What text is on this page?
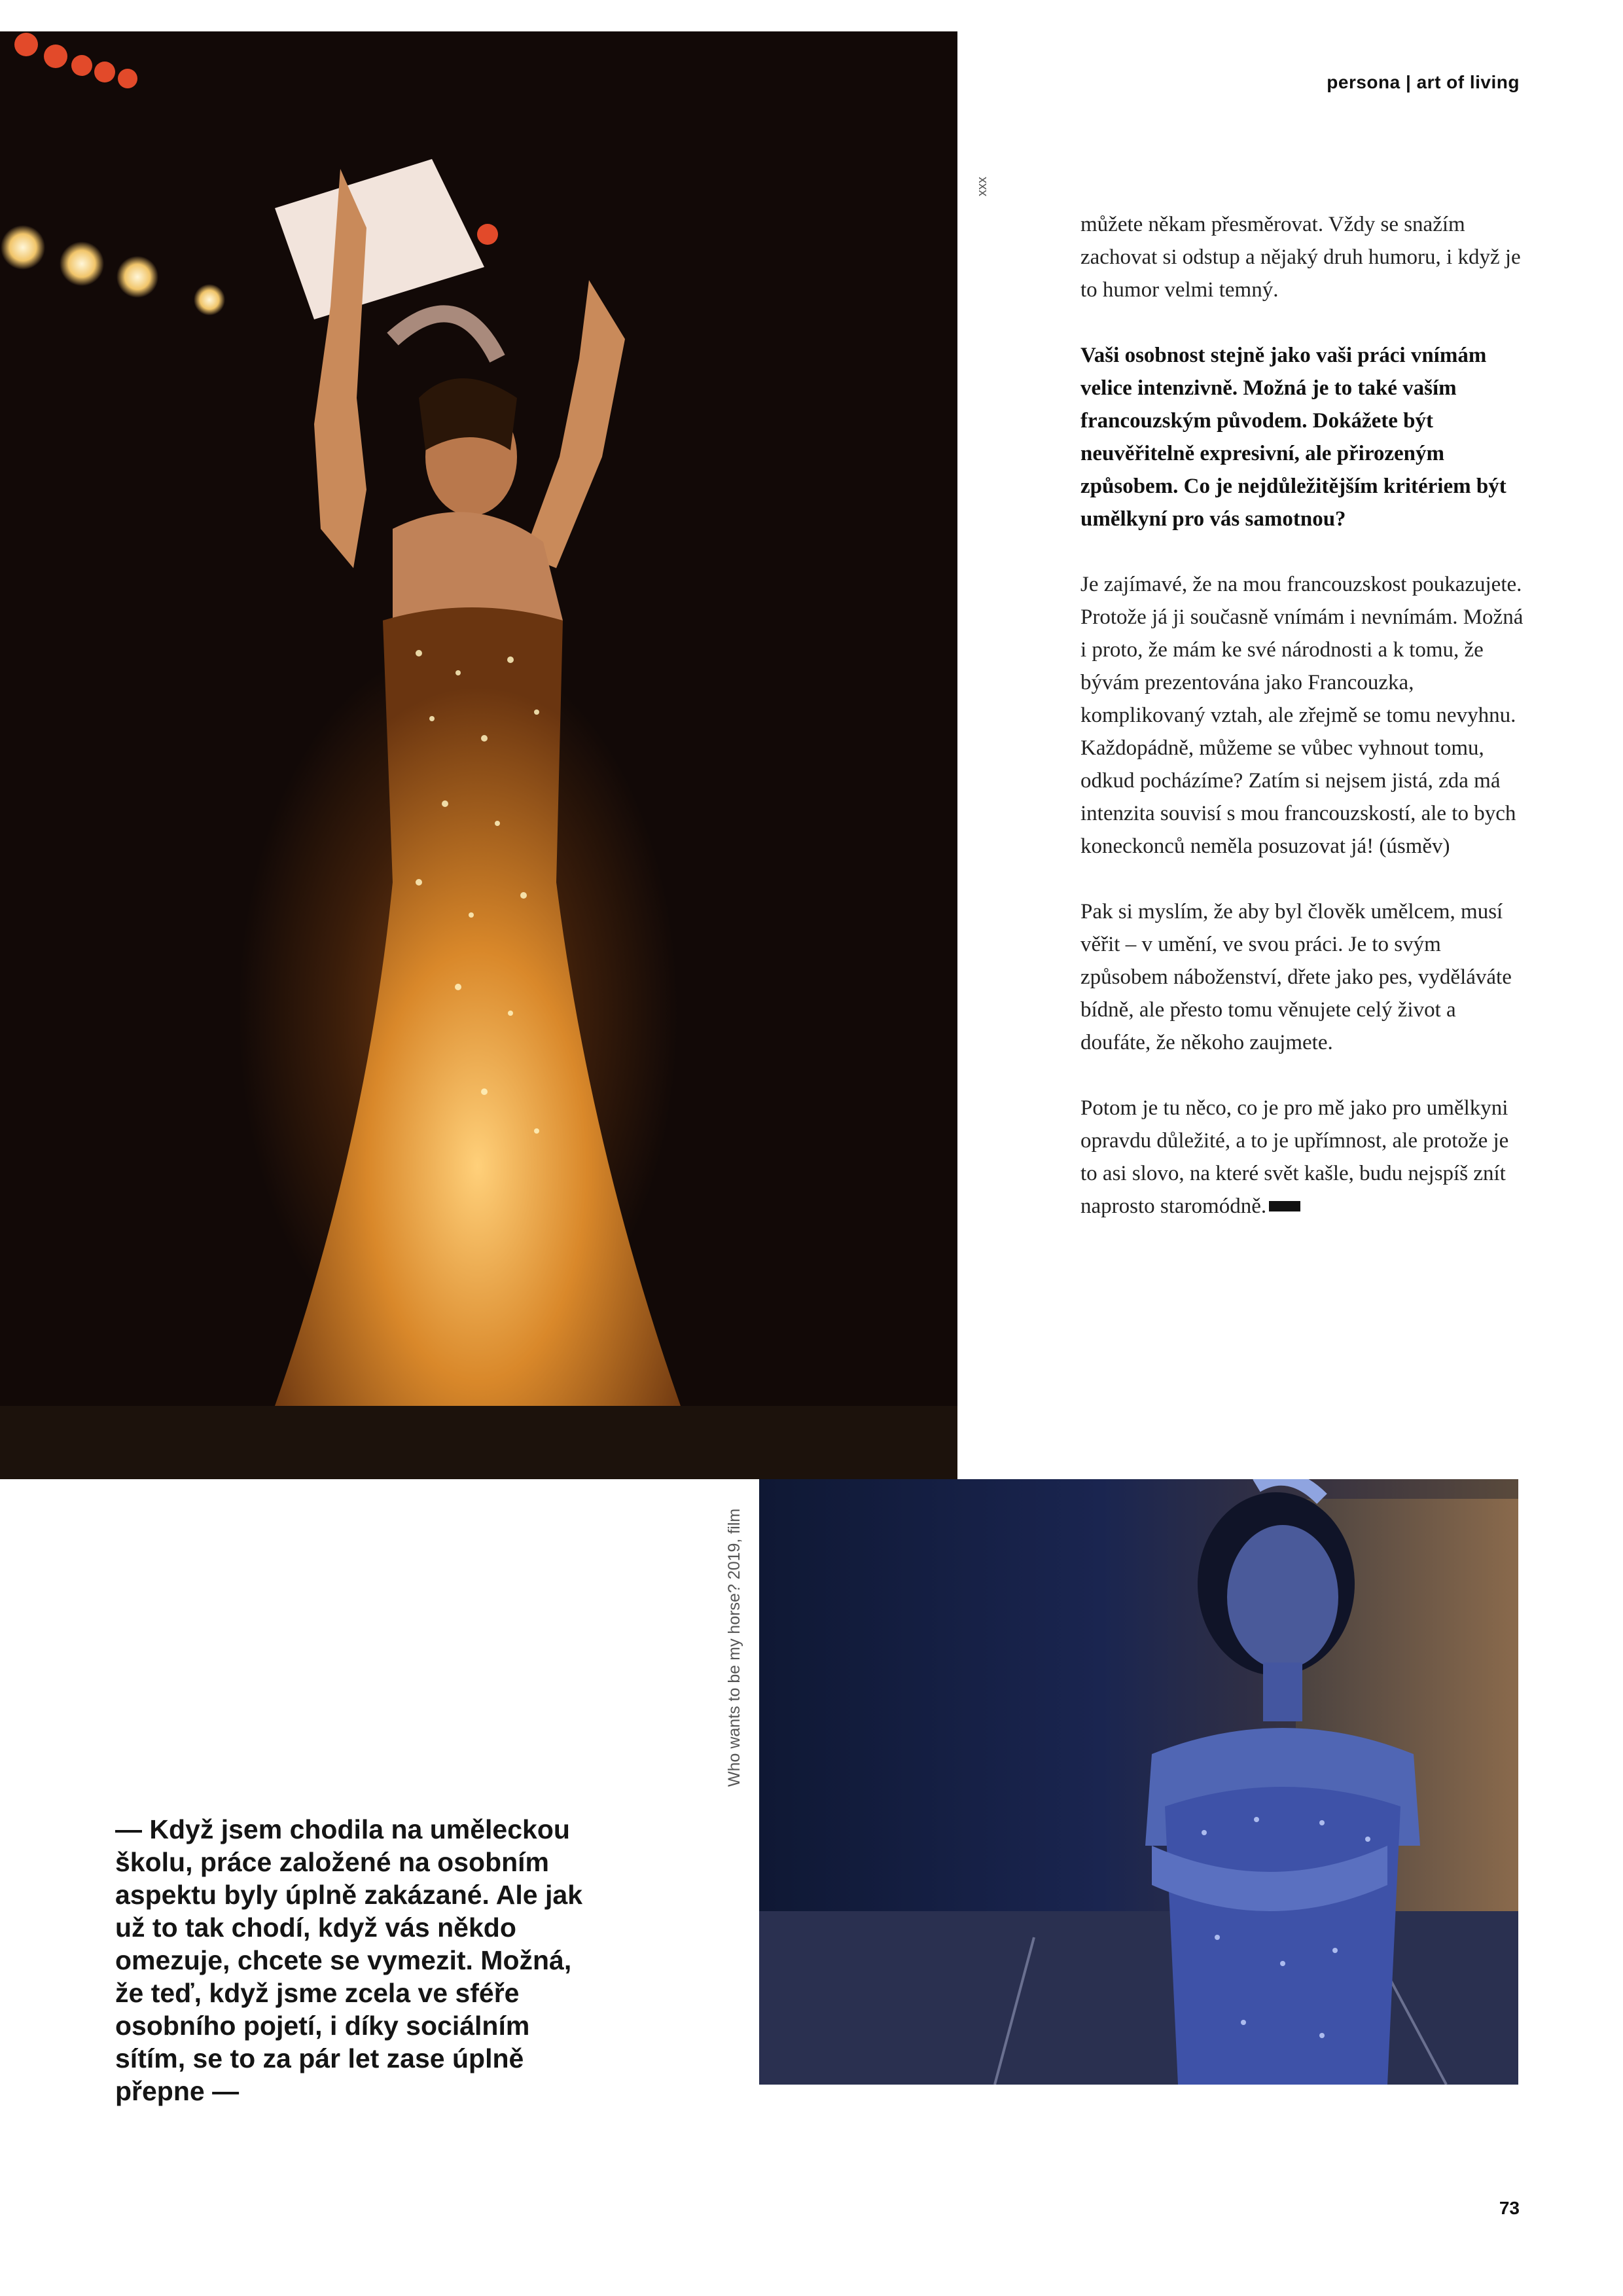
persona | art of living
xxx
Who wants to be my horse? 2019, film

můžete někam přesměrovat. Vždy se snažím zachovat si odstup a nějaký druh humoru, i když je to humor velmi temný.

Vaši osobnost stejně jako vaši práci vnímám velice intenzivně. Možná je to také vaším francouzským původem. Dokážete být neuvěřitelně expresivní, ale přirozeným způsobem. Co je nejdůležitějším kritériem být umělkyní pro vás samotnou?

Je zajímavé, že na mou francouzskost poukazujete. Protože já ji současně vnímám i nevnímám. Možná i proto, že mám ke své národnosti a k tomu, že bývám prezentována jako Francouzka, komplikovaný vztah, ale zřejmě se tomu nevyhnu. Každopádně, můžeme se vůbec vyhnout tomu, odkud pocházíme? Zatím si nejsem jistá, zda má intenzita souvisí s mou francouzskostí, ale to bych koneckonců neměla posuzovat já! (úsměv)

Pak si myslím, že aby byl člověk umělcem, musí věřit – v umění, ve svou práci. Je to svým způsobem náboženství, dřete jako pes, vyděláváte bídně, ale přesto tomu věnujete celý život a doufáte, že někoho zaujmete.

Potom je tu něco, co je pro mě jako pro umělkyni opravdu důležité, a to je upřímnost, ale protože je to asi slovo, na které svět kašle, budu nejspíš znít naprosto staromódně.

— Když jsem chodila na uměleckou školu, práce založené na osobním aspektu byly úplně zakázané. Ale jak už to tak chodí, když vás někdo omezuje, chcete se vymezit. Možná, že teď, když jsme zcela ve sféře osobního pojetí, i díky sociálním sítím, se to za pár let zase úplně přepne —
73
